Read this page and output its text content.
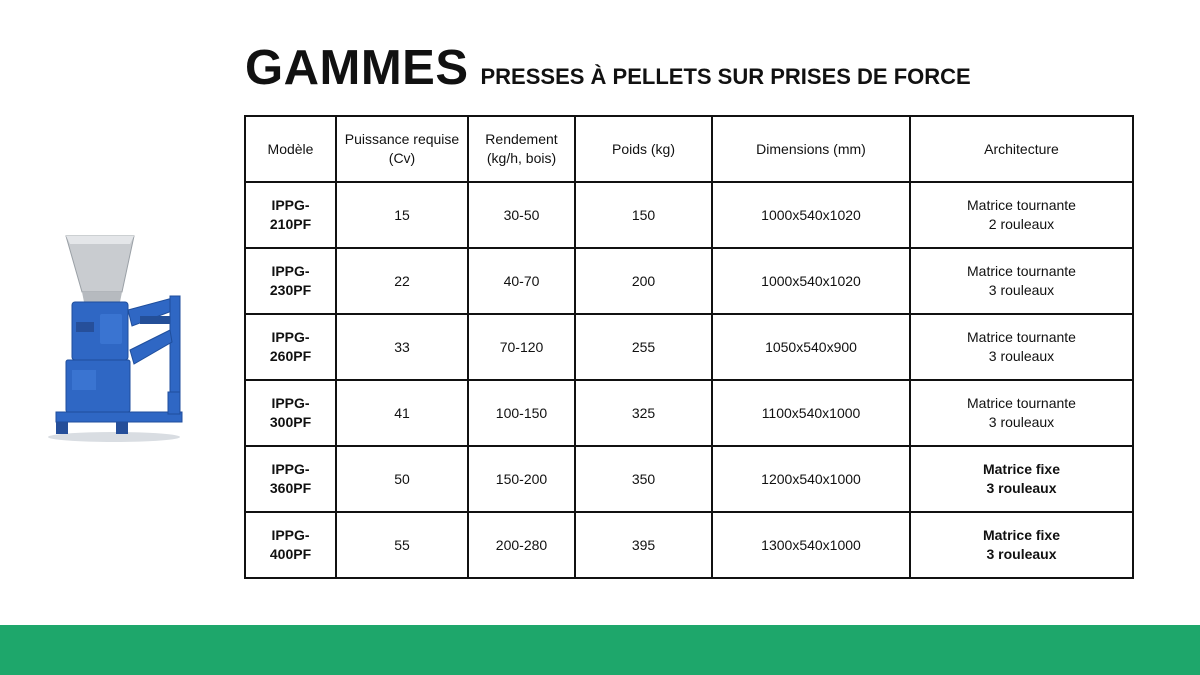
GAMMES PRESSES À PELLETS SUR PRISES DE FORCE
Modèle	Puissance requise (Cv)	Rendement (kg/h, bois)	Poids (kg)	Dimensions (mm)	Architecture
IPPG-210PF	15	30-50	150	1000x540x1020	Matrice tournante
2 rouleaux
IPPG-230PF	22	40-70	200	1000x540x1020	Matrice tournante
3 rouleaux
IPPG-260PF	33	70-120	255	1050x540x900	Matrice tournante
3 rouleaux
IPPG-300PF	41	100-150	325	1100x540x1000	Matrice tournante
3 rouleaux
IPPG-360PF	50	150-200	350	1200x540x1000	Matrice fixe
3 rouleaux
IPPG-400PF	55	200-280	395	1300x540x1000	Matrice fixe
3 rouleaux
